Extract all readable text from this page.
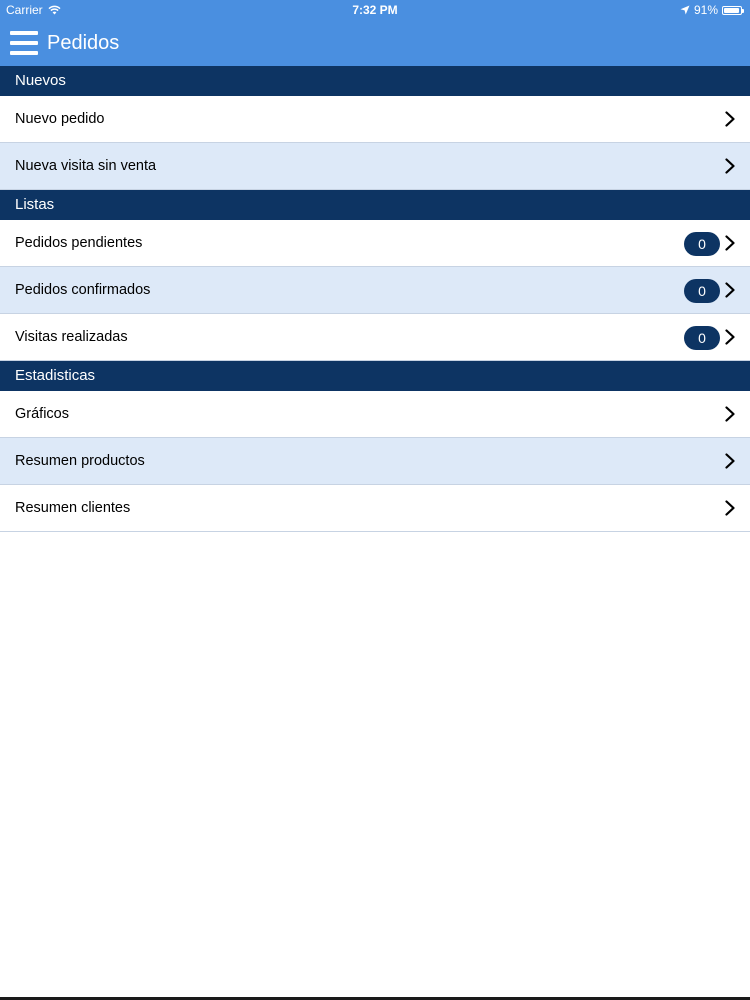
Carrier	7:32 PM	91%
Pedidos
Nuevos
Nuevo pedido
Nueva visita sin venta
Listas
Pedidos pendientes	0
Pedidos confirmados	0
Visitas realizadas	0
Estadisticas
Gráficos
Resumen productos
Resumen clientes
